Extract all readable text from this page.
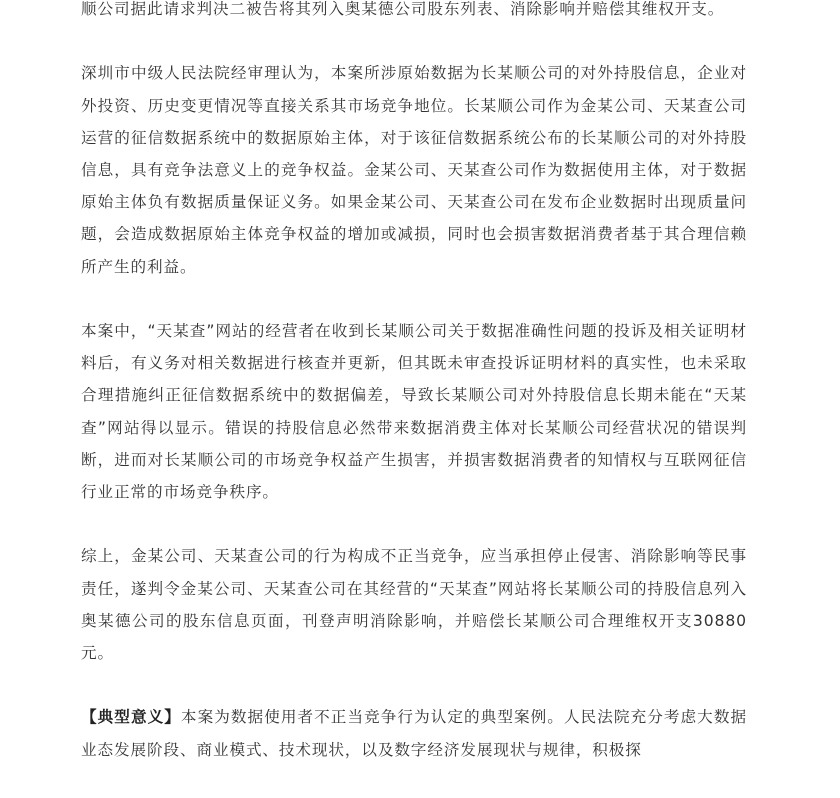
顺公司据此请求判决二被告将其列入奥某德公司股东列表、消除影响并赔偿其维权开支。

深圳市中级人民法院经审理认为，本案所涉原始数据为长某顺公司的对外持股信息，企业对外投资、历史变更情况等直接关系其市场竞争地位。长某顺公司作为金某公司、天某查公司运营的征信数据系统中的数据原始主体，对于该征信数据系统公布的长某顺公司的对外持股信息，具有竞争法意义上的竞争权益。金某公司、天某查公司作为数据使用主体，对于数据原始主体负有数据质量保证义务。如果金某公司、天某查公司在发布企业数据时出现质量问题，会造成数据原始主体竞争权益的增加或减损，同时也会损害数据消费者基于其合理信赖所产生的利益。

本案中，“天某查”网站的经营者在收到长某顺公司关于数据准确性问题的投诉及相关证明材料后，有义务对相关数据进行核查并更新，但其既未审查投诉证明材料的真实性，也未采取合理措施纠正征信数据系统中的数据偏差，导致长某顺公司对外持股信息长期未能在“天某查”网站得以显示。错误的持股信息必然带来数据消费主体对长某顺公司经营状况的错误判断，进而对长某顺公司的市场竞争权益产生损害，并损害数据消费者的知情权与互联网征信行业正常的市场竞争秩序。

综上，金某公司、天某查公司的行为构成不正当竞争，应当承担停止侵害、消除影响等民事责任，遂判令金某公司、天某查公司在其经营的“天某查”网站将长某顺公司的持股信息列入奥某德公司的股东信息页面，刊登声明消除影响，并赔偿长某顺公司合理维权开支30880元。

【典型意义】本案为数据使用者不正当竞争行为认定的典型案例。人民法院充分考虑大数据业态发展阶段、商业模式、技术现状，以及数字经济发展现状与规律，积极探
